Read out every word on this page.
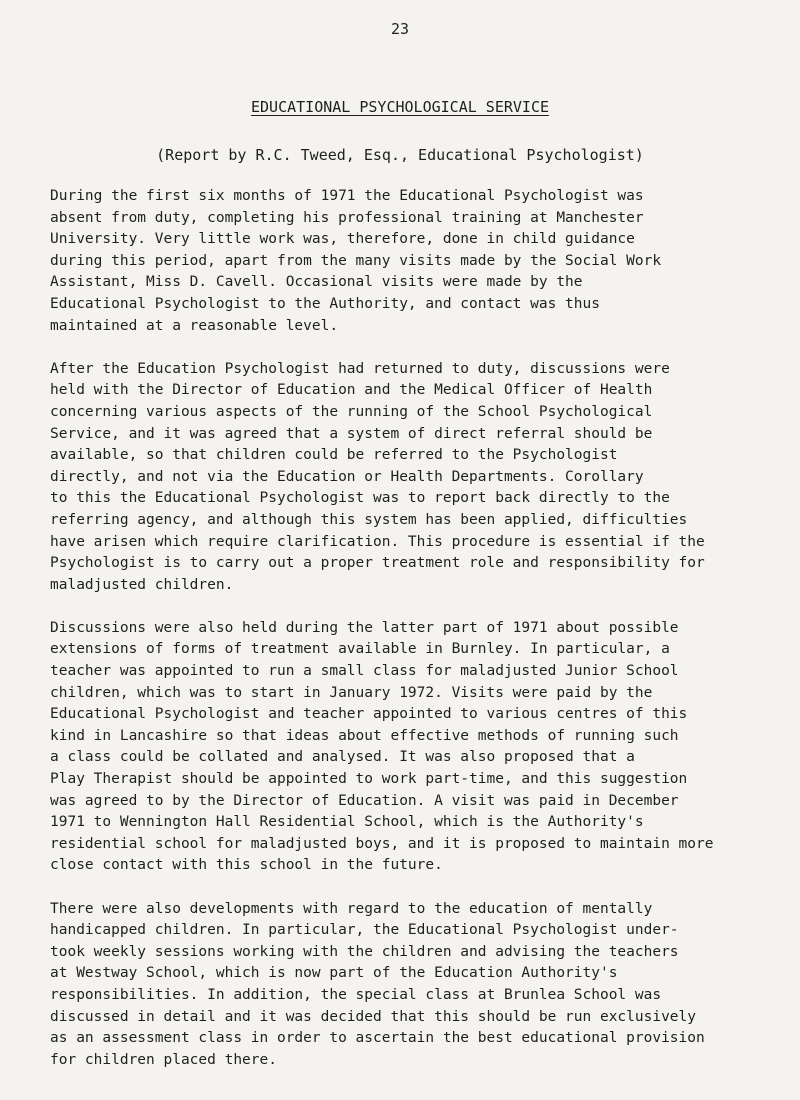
23
EDUCATIONAL PSYCHOLOGICAL SERVICE
(Report by R.C. Tweed, Esq., Educational Psychologist)

During the first six months of 1971 the Educational Psychologist was
absent from duty, completing his professional training at Manchester
University. Very little work was, therefore, done in child guidance
during this period, apart from the many visits made by the Social Work
Assistant, Miss D. Cavell. Occasional visits were made by the
Educational Psychologist to the Authority, and contact was thus
maintained at a reasonable level.

After the Education Psychologist had returned to duty, discussions were
held with the Director of Education and the Medical Officer of Health
concerning various aspects of the running of the School Psychological
Service, and it was agreed that a system of direct referral should be
available, so that children could be referred to the Psychologist
directly, and not via the Education or Health Departments. Corollary
to this the Educational Psychologist was to report back directly to the
referring agency, and although this system has been applied, difficulties
have arisen which require clarification. This procedure is essential if the
Psychologist is to carry out a proper treatment role and responsibility for
maladjusted children.

Discussions were also held during the latter part of 1971 about possible
extensions of forms of treatment available in Burnley. In particular, a
teacher was appointed to run a small class for maladjusted Junior School
children, which was to start in January 1972. Visits were paid by the
Educational Psychologist and teacher appointed to various centres of this
kind in Lancashire so that ideas about effective methods of running such
a class could be collated and analysed. It was also proposed that a
Play Therapist should be appointed to work part-time, and this suggestion
was agreed to by the Director of Education. A visit was paid in December
1971 to Wennington Hall Residential School, which is the Authority's
residential school for maladjusted boys, and it is proposed to maintain more
close contact with this school in the future.

There were also developments with regard to the education of mentally
handicapped children. In particular, the Educational Psychologist under-
took weekly sessions working with the children and advising the teachers
at Westway School, which is now part of the Education Authority's
responsibilities. In addition, the special class at Brunlea School was
discussed in detail and it was decided that this should be run exclusively
as an assessment class in order to ascertain the best educational provision
for children placed there.
